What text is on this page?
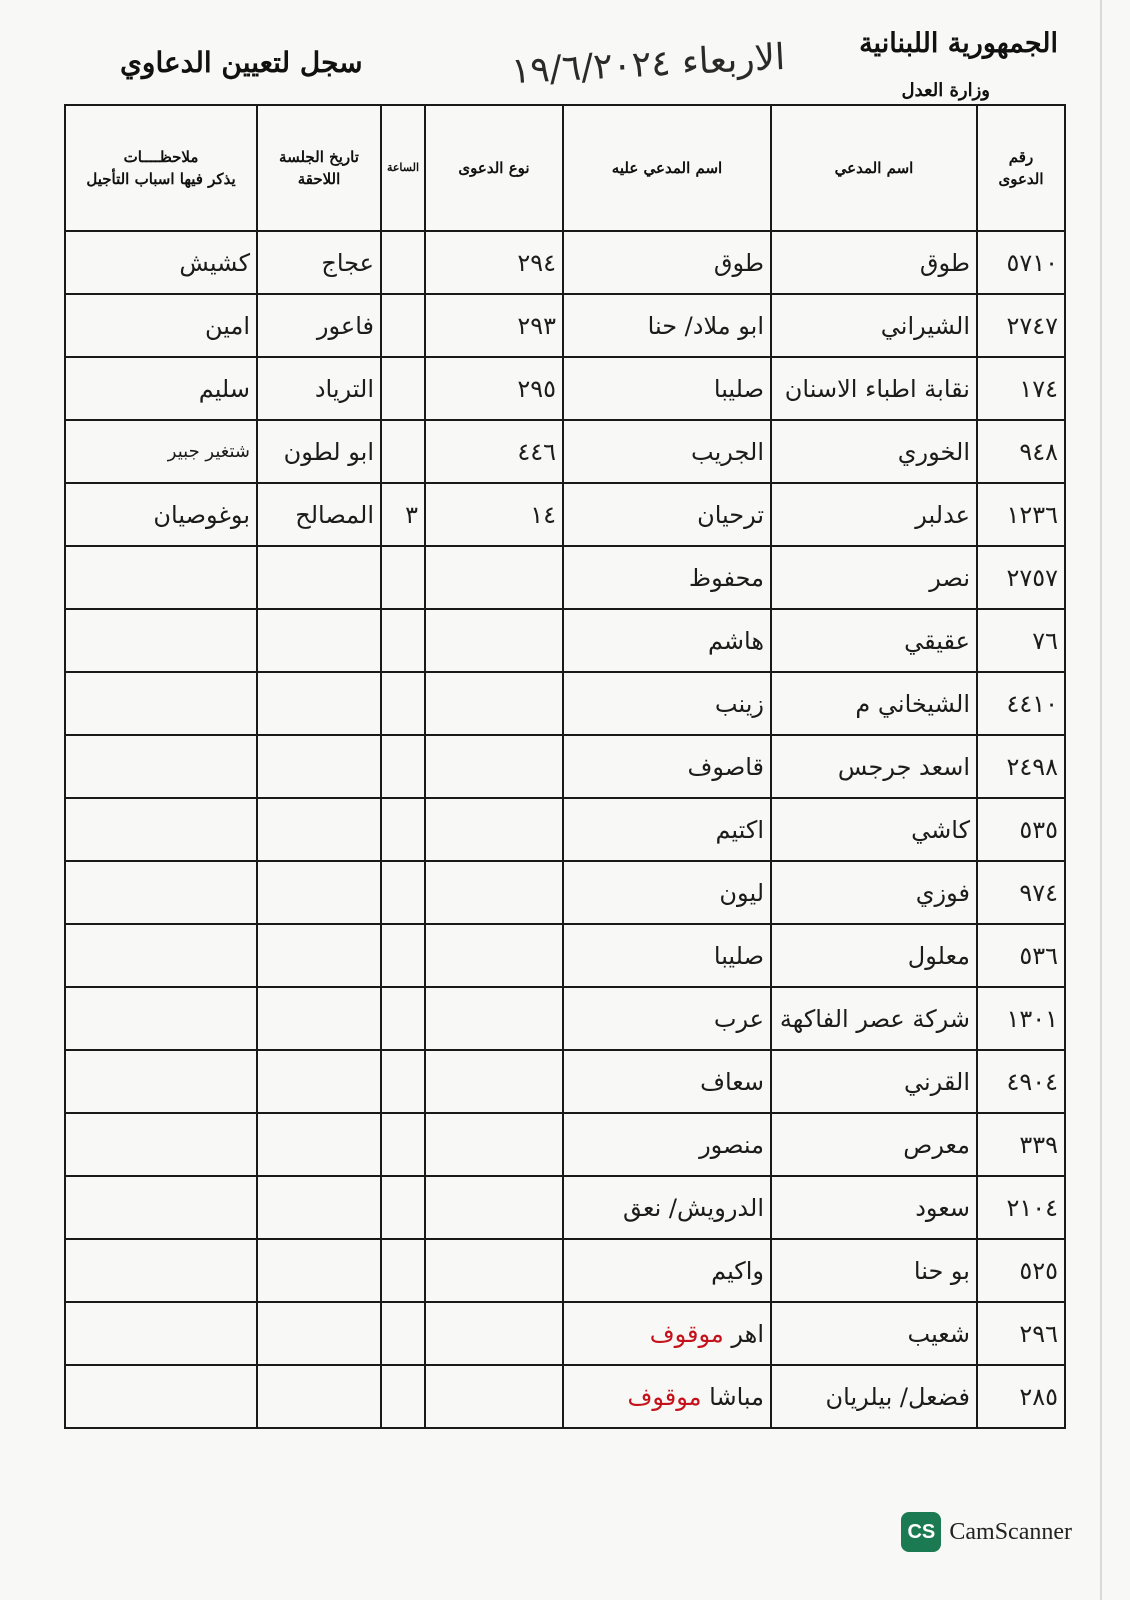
الجمهورية اللبنانية
وزارة العدل
سجل لتعيين الدعاوي	الاربعاء ١٩/٦/٢٠٢٤
رقم الدعوى	اسم المدعي	اسم المدعي عليه	نوع الدعوى	الساعة	تاريخ الجلسة اللاحقة	ملاحظــــات
يذكر فيها اسباب التأجيل

٥٧١٠	طوق	طوق	٢٩٤		عجاج	كشيش
٢٧٤٧	الشيراني	ابو ملاد/ حنا	٢٩٣		فاعور	امين
١٧٤	نقابة اطباء الاسنان	صليبا	٢٩٥		الترياد	سليم
٩٤٨	الخوري	الجريب	٤٤٦		ابو لطون	شتغير جبير
١٢٣٦	عدلبر	ترحيان	١٤	٣	المصالح	بوغوصيان
٢٧٥٧	نصر	محفوظ				
٧٦	عقيقي	هاشم				
٤٤١٠	الشيخاني م	زينب				
٢٤٩٨	اسعد جرجس	قاصوف				
٥٣٥	كاشي	اكتيم				
٩٧٤	فوزي	ليون				
٥٣٦	معلول	صليبا				
١٣٠١	شركة عصر الفاكهة	عرب				
٤٩٠٤	القرني	سعاف				
٣٣٩	معرص	منصور				
٢١٠٤	سعود	الدرويش/ نعق				
٥٢٥	بو حنا	واكيم				
٢٩٦	شعيب	اهر موقوف				
٢٨٥	فضعل/ بيلريان	مباشا موقوف				
CS CamScanner
